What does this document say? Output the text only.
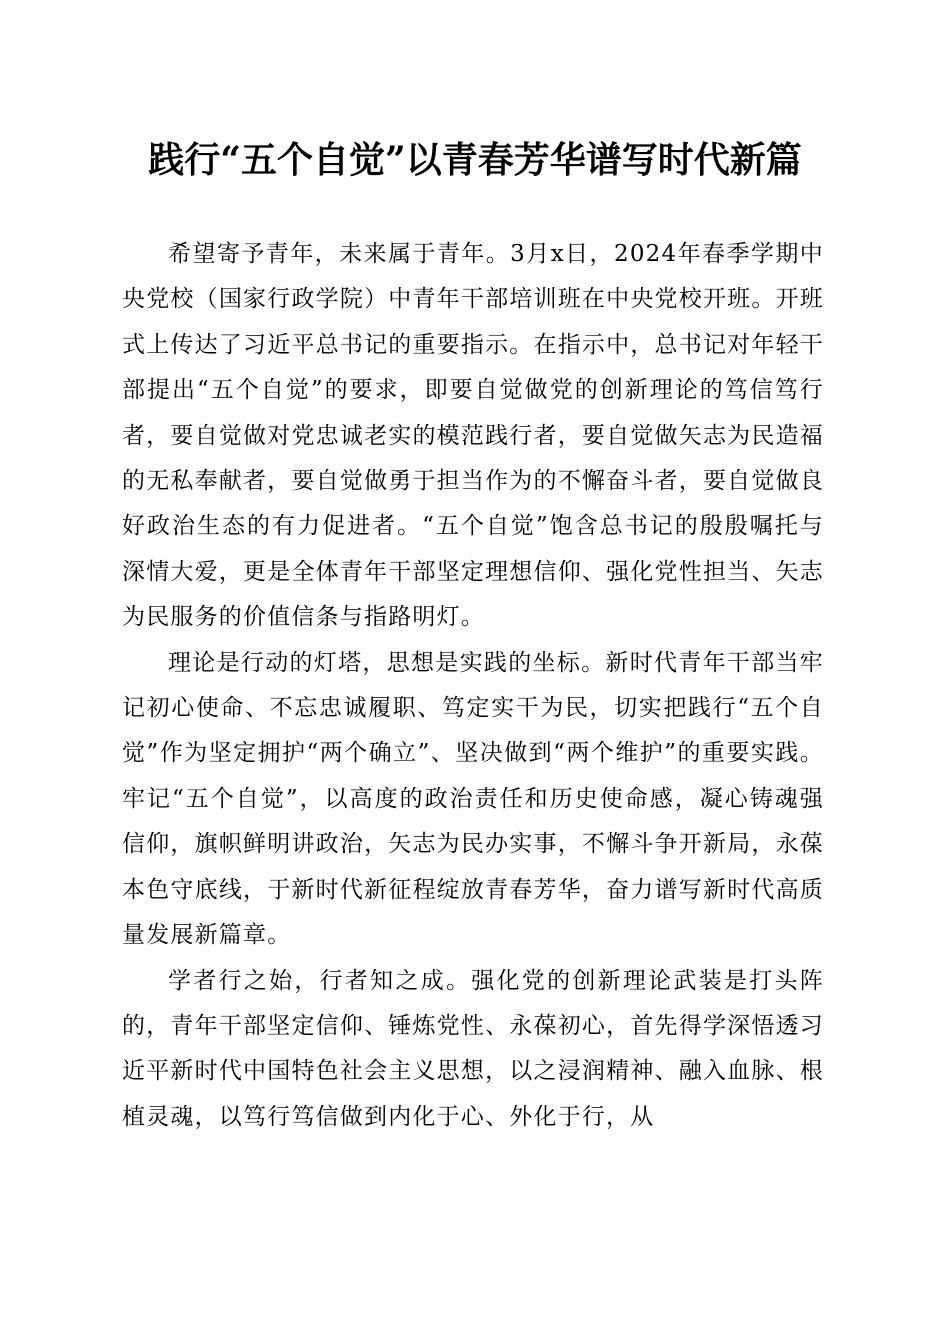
践行“五个自觉”以青春芳华谱写时代新篇

希望寄予青年，未来属于青年。3月x日，2024年春季学期中央党校（国家行政学院）中青年干部培训班在中央党校开班。开班式上传达了习近平总书记的重要指示。在指示中，总书记对年轻干部提出“五个自觉”的要求，即要自觉做党的创新理论的笃信笃行者，要自觉做对党忠诚老实的模范践行者，要自觉做矢志为民造福的无私奉献者，要自觉做勇于担当作为的不懈奋斗者，要自觉做良好政治生态的有力促进者。“五个自觉”饱含总书记的殷殷嘱托与深情大爱，更是全体青年干部坚定理想信仰、强化党性担当、矢志为民服务的价值信条与指路明灯。

理论是行动的灯塔，思想是实践的坐标。新时代青年干部当牢记初心使命、不忘忠诚履职、笃定实干为民，切实把践行“五个自觉”作为坚定拥护“两个确立”、坚决做到“两个维护”的重要实践。牢记“五个自觉”，以高度的政治责任和历史使命感，凝心铸魂强信仰，旗帜鲜明讲政治，矢志为民办实事，不懈斗争开新局，永葆本色守底线，于新时代新征程绽放青春芳华，奋力谱写新时代高质量发展新篇章。

学者行之始，行者知之成。强化党的创新理论武装是打头阵的，青年干部坚定信仰、锤炼党性、永葆初心，首先得学深悟透习近平新时代中国特色社会主义思想，以之浸润精神、融入血脉、根植灵魂，以笃行笃信做到内化于心、外化于行，从
